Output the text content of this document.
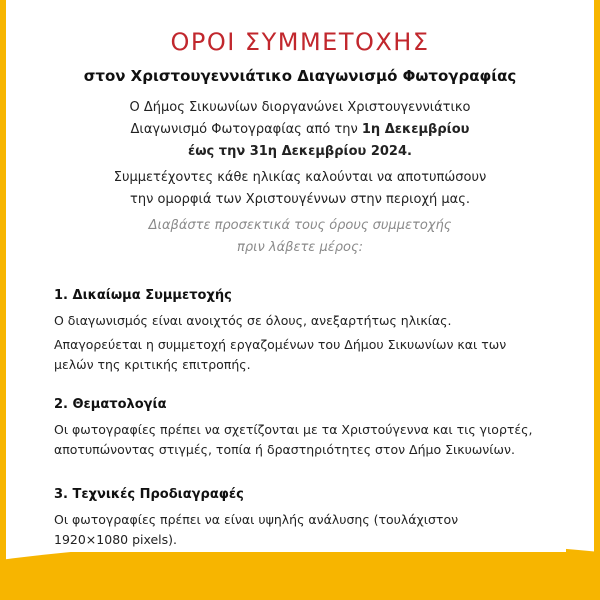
ΟΡΟΙ ΣΥΜΜΕΤΟΧΗΣ
στον Χριστουγεννιάτικο Διαγωνισμό Φωτογραφίας
Ο Δήμος Σικυωνίων διοργανώνει Χριστουγεννιάτικο
Διαγωνισμό Φωτογραφίας από την 1η Δεκεμβρίου
έως την 31η Δεκεμβρίου 2024.
Συμμετέχοντες κάθε ηλικίας καλούνται να αποτυπώσουν
την ομορφιά των Χριστουγέννων στην περιοχή μας.
Διαβάστε προσεκτικά τους όρους συμμετοχής
πριν λάβετε μέρος:

1. Δικαίωμα Συμμετοχής

Ο διαγωνισμός είναι ανοιχτός σε όλους, ανεξαρτήτως ηλικίας.

Απαγορεύεται η συμμετοχή εργαζομένων του Δήμου Σικυωνίων και των
μελών της κριτικής επιτροπής.

2. Θεματολογία

Οι φωτογραφίες πρέπει να σχετίζονται με τα Χριστούγεννα και τις γιορτές,
αποτυπώνοντας στιγμές, τοπία ή δραστηριότητες στον Δήμο Σικυωνίων.

3. Τεχνικές Προδιαγραφές

Οι φωτογραφίες πρέπει να είναι υψηλής ανάλυσης (τουλάχιστον
1920×1080 pixels).
